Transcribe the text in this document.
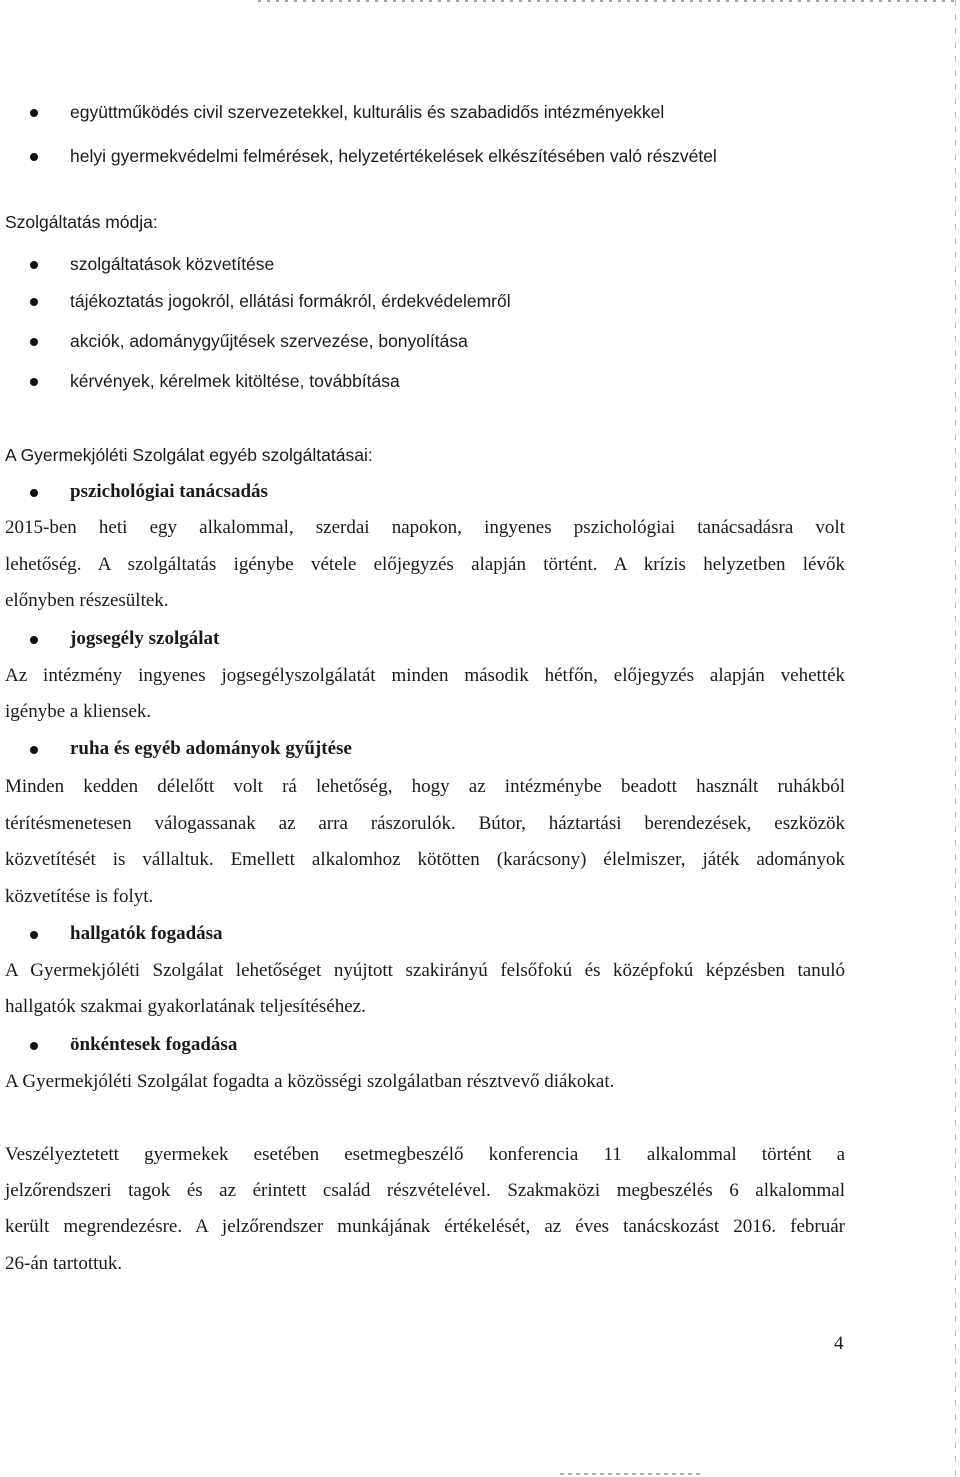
együttműködés civil szervezetekkel, kulturális és szabadidős intézményekkel
helyi gyermekvédelmi felmérések, helyzetértékelések elkészítésében való részvétel
Szolgáltatás módja:
szolgáltatások közvetítése
tájékoztatás jogokról, ellátási formákról, érdekvédelemről
akciók, adománygyűjtések szervezése, bonyolítása
kérvények, kérelmek kitöltése, továbbítása
A Gyermekjóléti Szolgálat egyéb szolgáltatásai:
pszichológiai tanácsadás
2015-ben heti egy alkalommal, szerdai napokon, ingyenes pszichológiai tanácsadásra volt
lehetőség. A szolgáltatás igénybe vétele előjegyzés alapján történt. A krízis helyzetben lévők
előnyben részesültek.
jogsegély szolgálat
Az intézmény ingyenes jogsegélyszolgálatát minden második hétfőn, előjegyzés alapján vehették
igénybe a kliensek.
ruha és egyéb adományok gyűjtése
Minden kedden délelőtt volt rá lehetőség, hogy az intézménybe beadott használt ruhákból
térítésmenetesen válogassanak az arra rászorulók. Bútor, háztartási berendezések, eszközök
közvetítését is vállaltuk. Emellett alkalomhoz kötötten (karácsony) élelmiszer, játék adományok
közvetítése is folyt.
hallgatók fogadása
A Gyermekjóléti Szolgálat lehetőséget nyújtott szakirányú felsőfokú és középfokú képzésben tanuló
hallgatók szakmai gyakorlatának teljesítéséhez.
önkéntesek fogadása
A Gyermekjóléti Szolgálat fogadta a közösségi szolgálatban résztvevő diákokat.
Veszélyeztetett gyermekek esetében esetmegbeszélő konferencia 11 alkalommal történt a
jelzőrendszeri tagok és az érintett család részvételével. Szakmaközi megbeszélés 6 alkalommal
került megrendezésre. A jelzőrendszer munkájának értékelését, az éves tanácskozást 2016. február
26-án tartottuk.
4
